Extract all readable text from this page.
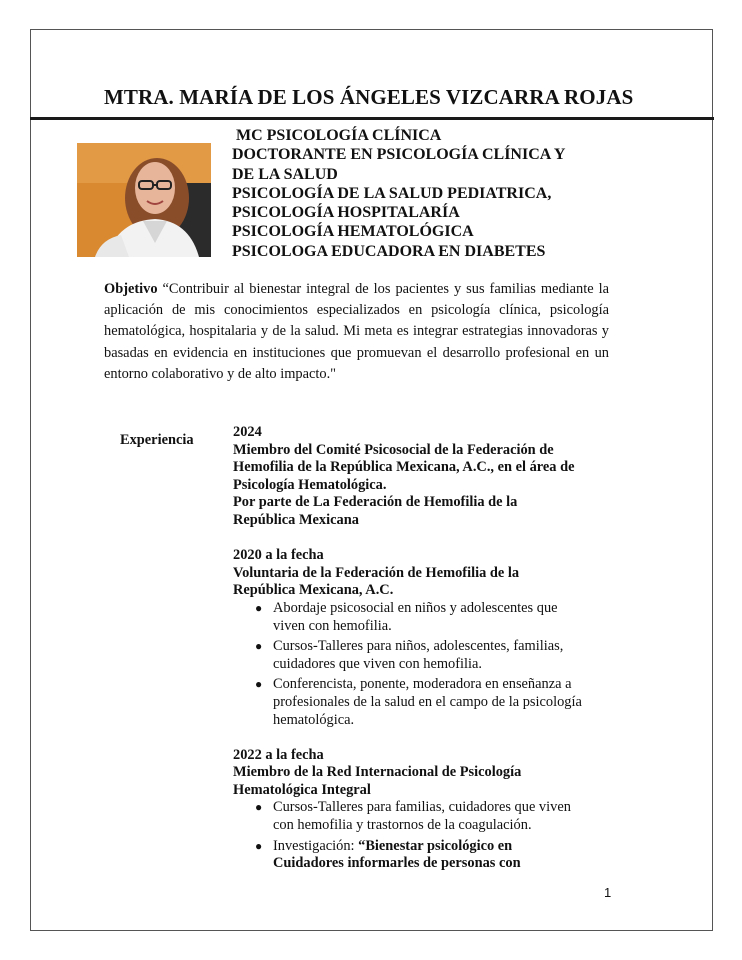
MTRA. MARÍA DE LOS ÁNGELES VIZCARRA ROJAS
MC PSICOLOGÍA CLÍNICA
DOCTORANTE EN PSICOLOGÍA CLÍNICA Y
DE LA SALUD
PSICOLOGÍA DE LA SALUD PEDIATRICA,
PSICOLOGÍA HOSPITALARÍA
PSICOLOGÍA HEMATOLÓGICA
PSICOLOGA EDUCADORA EN DIABETES
Objetivo “Contribuir al bienestar integral de los pacientes y sus familias mediante la aplicación de mis conocimientos especializados en psicología clínica, psicología hematológica, hospitalaria y de la salud. Mi meta es integrar estrategias innovadoras y basadas en evidencia en instituciones que promuevan el desarrollo profesional en un entorno colaborativo y de alto impacto."
Experiencia	2024
Miembro del Comité Psicosocial de la Federación de Hemofilia de la República Mexicana, A.C., en el área de Psicología Hematológica.
Por parte de La Federación de Hemofilia de la República Mexicana
2020 a la fecha
Voluntaria de la Federación de Hemofilia de la República Mexicana, A.C.
● Abordaje psicosocial en niños y adolescentes que viven con hemofilia.
● Cursos-Talleres para niños, adolescentes, familias, cuidadores que viven con hemofilia.
● Conferencista, ponente, moderadora en enseñanza a profesionales de la salud en el campo de la psicología hematológica.
2022 a la fecha
Miembro de la Red Internacional de Psicología Hematológica Integral
● Cursos-Talleres para familias, cuidadores que viven con hemofilia y trastornos de la coagulación.
● Investigación: “Bienestar psicológico en Cuidadores informarles de personas con
1
